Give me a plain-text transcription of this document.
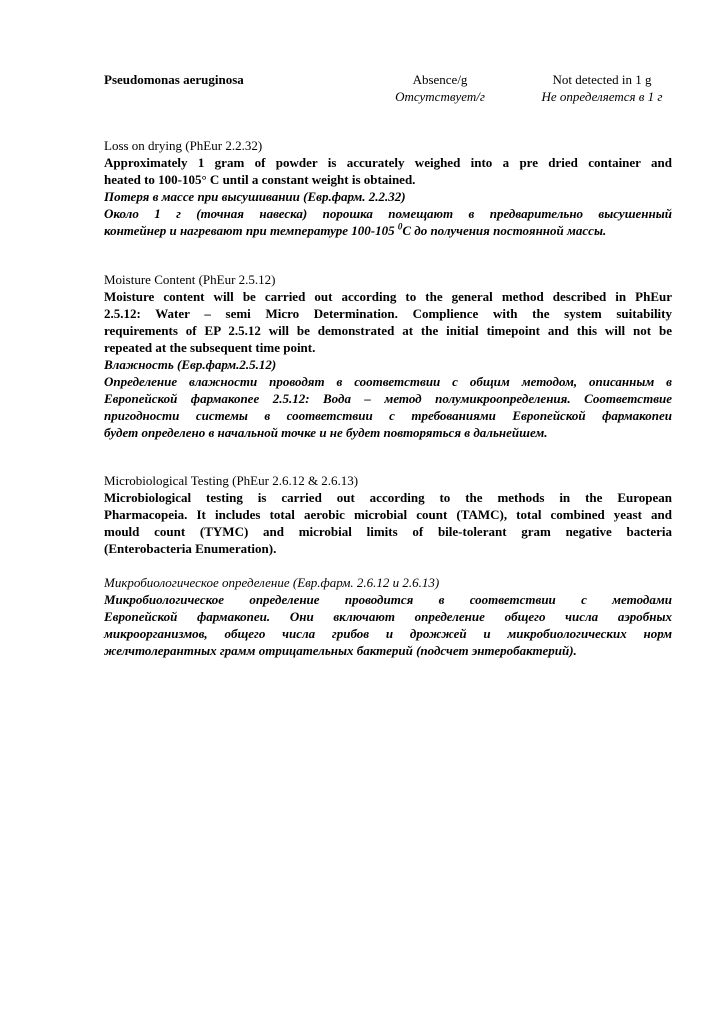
Pseudomonas aeruginosa	Absence/g
Отсутствует/г
Not detected in 1 g
Не определяется в 1 г

Loss on drying (PhEur 2.2.32)

Approximately 1 gram of powder is accurately weighed into a pre dried container and

heated to 100-105° C until a constant weight is obtained.

Потеря в массе при высушивании (Евр.фарм. 2.2.32)

Около 1 г (точная навеска) порошка помещают в предварительно высушенный

контейнер и нагревают при температуре 100-105 $^0$С до получения постоянной массы.

Moisture Content (PhEur 2.5.12)

Moisture content will be carried out according to the general method described in PhEur

2.5.12: Water – semi Micro Determination. Complience with the system suitability

requirements of EP 2.5.12 will be demonstrated at the initial timepoint and this will not be

repeated at the subsequent time point.

Влажность (Евр.фарм.2.5.12)

Определение влажности проводят в соответствии с общим методом, описанным в

Европейской фармакопее 2.5.12: Вода – метод полумикроопределения. Соответствие

пригодности системы в соответствии с требованиями Европейской фармакопеи

будет определено в начальной точке и не будет повторяться в дальнейшем.

Microbiological Testing (PhEur 2.6.12 & 2.6.13)

Microbiological testing is carried out according to the methods in the European

Pharmacopeia. It includes total aerobic microbial count (TAMC), total combined yeast and

mould count (TYMC) and microbial limits of bile-tolerant gram negative bacteria

(Enterobacteria Enumeration).

Микробиологическое определение (Евр.фарм. 2.6.12 и 2.6.13)

Микробиологическое определение проводится в соответствии с методами

Европейской фармакопеи. Они включают определение общего числа аэробных

микроорганизмов, общего числа грибов и дрожжей и микробиологических норм

желчтолерантных грамм отрицательных бактерий (подсчет энтеробактерий).
